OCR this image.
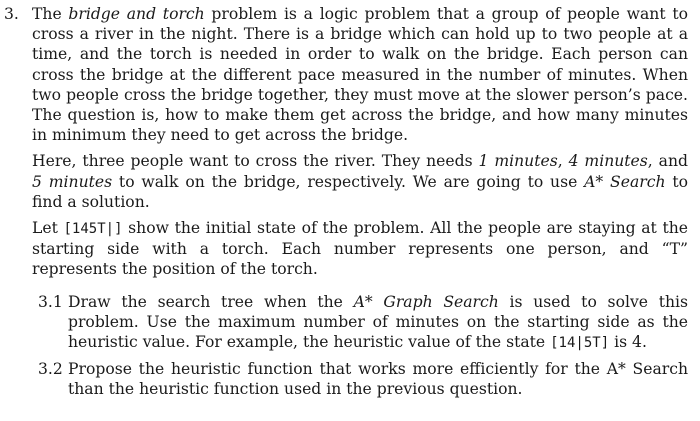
3. The bridge and torch problem is a logic problem that a group of people want to cross a river in the night. There is a bridge which can hold up to two people at a time, and the torch is needed in order to walk on the bridge. Each person can cross the bridge at the different pace measured in the number of minutes. When two people cross the bridge together, they must move at the slower person’s pace. The question is, how to make them get across the bridge, and how many minutes in minimum they need to get across the bridge.

Here, three people want to cross the river. They needs 1 minutes, 4 minutes, and 5 minutes to walk on the bridge, respectively. We are going to use A* Search to find a solution.

Let [145T|] show the initial state of the problem. All the people are staying at the starting side with a torch. Each number represents one person, and “T” represents the position of the torch.

3.1 Draw the search tree when the A* Graph Search is used to solve this problem. Use the maximum number of minutes on the starting side as the heuristic value. For example, the heuristic value of the state [14|5T] is 4.

3.2 Propose the heuristic function that works more efficiently for the A* Search than the heuristic function used in the previous question.
